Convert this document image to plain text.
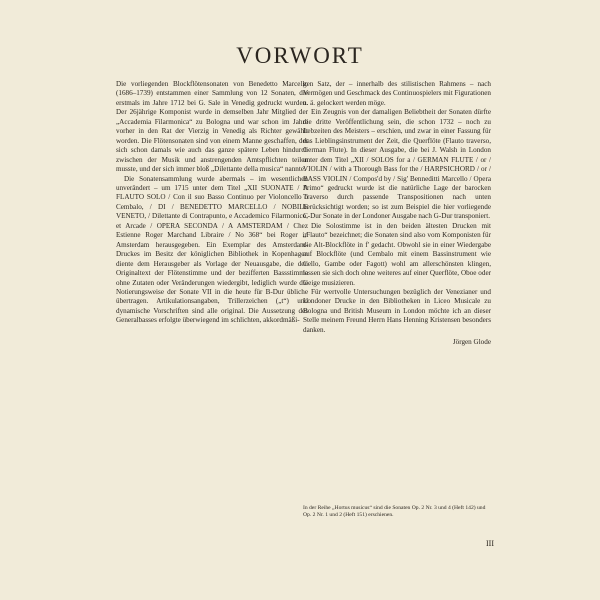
VORWORT

Die vorliegenden Blockflötensonaten von Benedetto Marcello (1686–1739) entstammen einer Sammlung von 12 Sonaten, die erstmals im Jahre 1712 bei G. Sale in Venedig gedruckt wurden. Der 26jährige Komponist wurde in demselben Jahr Mitglied der „Accademia Filarmonica“ zu Bologna und war schon im Jahre vorher in den Rat der Vierzig in Venedig als Richter gewählt worden. Die Flötensonaten sind von einem Manne geschaffen, der sich schon damals wie auch das ganze spätere Leben hindurch zwischen der Musik und anstrengenden Amtspflichten teilen musste, und der sich immer bloß „Dilettante della musica“ nannte.

Die Sonatensammlung wurde abermals – im wesentlichen unverändert – um 1715 unter dem Titel „XII SUONATE / A FLAUTO SOLO / Con il suo Basso Continuo per Violoncello o Cembalo, / DI / BENEDETTO MARCELLO / NOBILE VENETO, / Dilettante di Contrapunto, e Accademico Filarmonico, et Arcade / OPERA SECONDA / A AMSTERDAM / Chez Estienne Roger Marchand Libraire / No 368“ bei Roger in Amsterdam herausgegeben. Ein Exemplar des Amsterdam-Druckes im Besitz der königlichen Bibliothek in Kopenhagen diente dem Herausgeber als Vorlage der Neuausgabe, die den Originaltext der Flötenstimme und der bezifferten Bassstimme ohne Zutaten oder Veränderungen wiedergibt, lediglich wurde die Notierungsweise der Sonate VII in die heute für B-Dur übliche übertragen. Artikulationsangaben, Trillerzeichen („t“) und dynamische Vorschriften sind alle original. Die Aussetzung des Generalbasses erfolgte überwiegend im schlichten, akkordmäßi-

gen Satz, der – innerhalb des stilistischen Rahmens – nach Vermögen und Geschmack des Continuospielers mit Figurationen u. ä. gelockert werden möge.

Ein Zeugnis von der damaligen Beliebtheit der Sonaten dürfte die dritte Veröffentlichung sein, die schon 1732 – noch zu Lebzeiten des Meisters – erschien, und zwar in einer Fassung für das Lieblingsinstrument der Zeit, die Querflöte (Flauto traverso, German Flute). In dieser Ausgabe, die bei J. Walsh in London unter dem Titel „XII / SOLOS for a / GERMAN FLUTE / or / VIOLIN / with a Thorough Bass for the / HARPSICHORD / or / BASS VIOLIN / Compos'd by / Sig' Benneditti Marcello / Opera Primo“ gedruckt wurde ist die natürliche Lage der barocken Traverso durch passende Transpositionen nach unten berücksichtigt worden; so ist zum Beispiel die hier vorliegende C-Dur Sonate in der Londoner Ausgabe nach G-Dur transponiert.

Die Solostimme ist in den beiden ältesten Drucken mit „Flauto“ bezeichnet; die Sonaten sind also vom Komponisten für die Alt-Blockflöte in f' gedacht. Obwohl sie in einer Wiedergabe auf Blockflöte (und Cembalo mit einem Bassinstrument wie Cello, Gambe oder Fagott) wohl am allerschönsten klingen, lassen sie sich doch ohne weiteres auf einer Querflöte, Oboe oder Geige musizieren.

Für wertvolle Untersuchungen bezüglich der Venezianer und Londoner Drucke in den Bibliotheken in Liceo Musicale zu Bologna und British Museum in London möchte ich an dieser Stelle meinem Freund Herrn Hans Henning Kristensen besonders danken.

Jörgen Glode
In der Reihe „Hortus musicus“ sind die Sonaten Op. 2 Nr. 3 und 4 (Heft 142) und Op. 2 Nr. 1 und 2 (Heft 151) erschienen.
III
